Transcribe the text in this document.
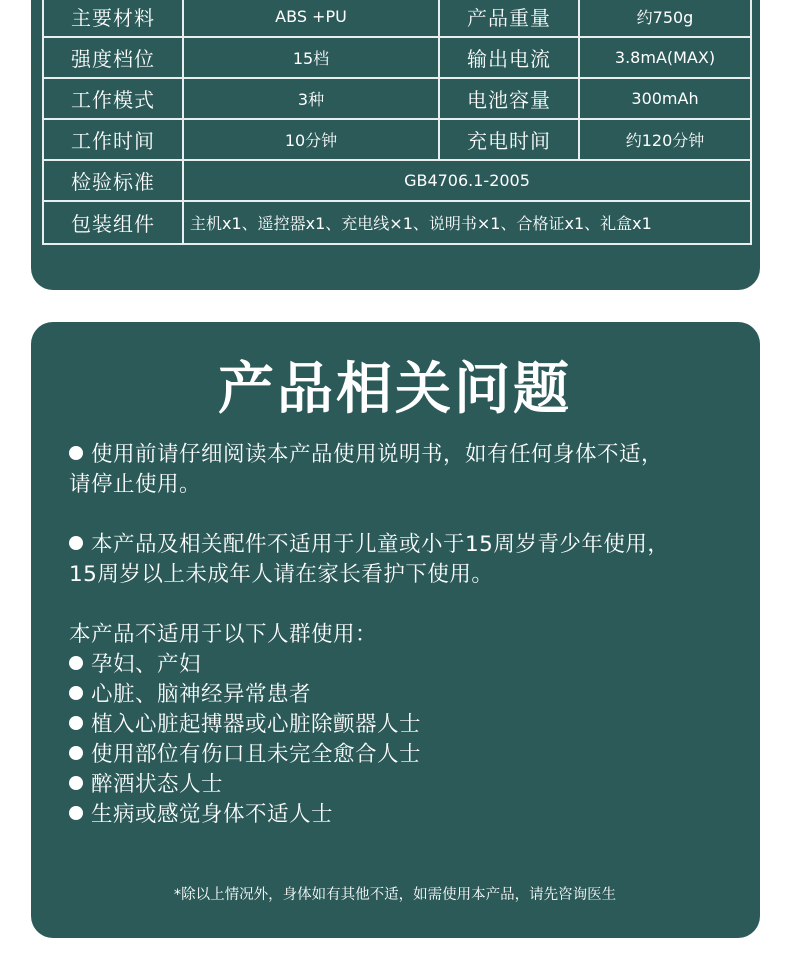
主要材料	ABS +PU	产品重量	约750g
强度档位	15档	输出电流	3.8mA(MAX)
工作模式	3种	电池容量	300mAh
工作时间	10分钟	充电时间	约120分钟
检验标准	GB4706.1-2005		
包装组件	主机x1、遥控器x1、充电线×1、说明书×1、合格证x1、礼盒x1		
产品相关问题
使用前请仔细阅读本产品使用说明书，如有任何身体不适，
请停止使用。
本产品及相关配件不适用于儿童或小于15周岁青少年使用，
15周岁以上未成年人请在家长看护下使用。
本产品不适用于以下人群使用：
孕妇、产妇
心脏、脑神经异常患者
植入心脏起搏器或心脏除颤器人士
使用部位有伤口且未完全愈合人士
醉酒状态人士
生病或感觉身体不适人士
*除以上情况外，身体如有其他不适，如需使用本产品，请先咨询医生
